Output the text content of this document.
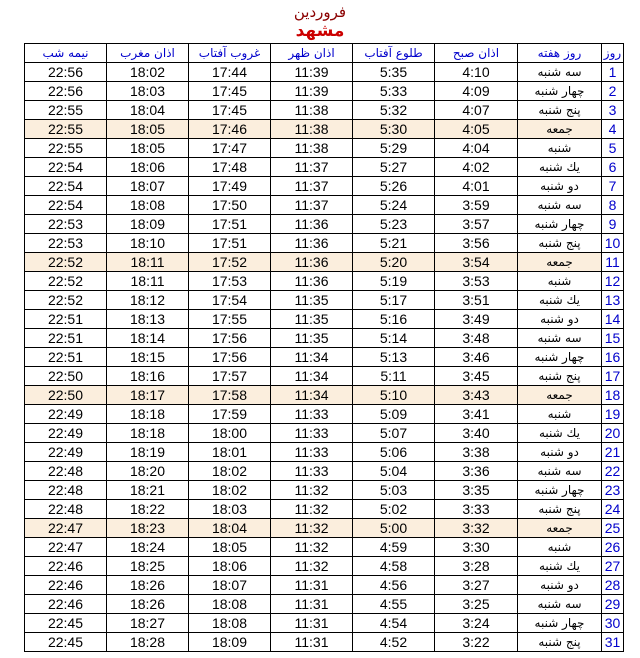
فروردین
مشهد
روز	روز هفته	اذان صبح	طلوع آفتاب	اذان ظهر	غروب آفتاب	اذان مغرب	نیمه شب
1	سه شنبه	4:10	5:35	11:39	17:44	18:02	22:56
2	چهار شنبه	4:09	5:33	11:39	17:45	18:03	22:56
3	پنج شنبه	4:07	5:32	11:38	17:45	18:04	22:55
4	جمعه	4:05	5:30	11:38	17:46	18:05	22:55
5	شنبه	4:04	5:29	11:38	17:47	18:05	22:55
6	يك شنبه	4:02	5:27	11:37	17:48	18:06	22:54
7	دو شنبه	4:01	5:26	11:37	17:49	18:07	22:54
8	سه شنبه	3:59	5:24	11:37	17:50	18:08	22:54
9	چهار شنبه	3:57	5:23	11:36	17:51	18:09	22:53
10	پنج شنبه	3:56	5:21	11:36	17:51	18:10	22:53
11	جمعه	3:54	5:20	11:36	17:52	18:11	22:52
12	شنبه	3:53	5:19	11:36	17:53	18:11	22:52
13	يك شنبه	3:51	5:17	11:35	17:54	18:12	22:52
14	دو شنبه	3:49	5:16	11:35	17:55	18:13	22:51
15	سه شنبه	3:48	5:14	11:35	17:56	18:14	22:51
16	چهار شنبه	3:46	5:13	11:34	17:56	18:15	22:51
17	پنج شنبه	3:45	5:11	11:34	17:57	18:16	22:50
18	جمعه	3:43	5:10	11:34	17:58	18:17	22:50
19	شنبه	3:41	5:09	11:33	17:59	18:18	22:49
20	يك شنبه	3:40	5:07	11:33	18:00	18:18	22:49
21	دو شنبه	3:38	5:06	11:33	18:01	18:19	22:49
22	سه شنبه	3:36	5:04	11:33	18:02	18:20	22:48
23	چهار شنبه	3:35	5:03	11:32	18:02	18:21	22:48
24	پنج شنبه	3:33	5:02	11:32	18:03	18:22	22:48
25	جمعه	3:32	5:00	11:32	18:04	18:23	22:47
26	شنبه	3:30	4:59	11:32	18:05	18:24	22:47
27	يك شنبه	3:28	4:58	11:32	18:06	18:25	22:46
28	دو شنبه	3:27	4:56	11:31	18:07	18:26	22:46
29	سه شنبه	3:25	4:55	11:31	18:08	18:26	22:46
30	چهار شنبه	3:24	4:54	11:31	18:08	18:27	22:45
31	پنج شنبه	3:22	4:52	11:31	18:09	18:28	22:45
